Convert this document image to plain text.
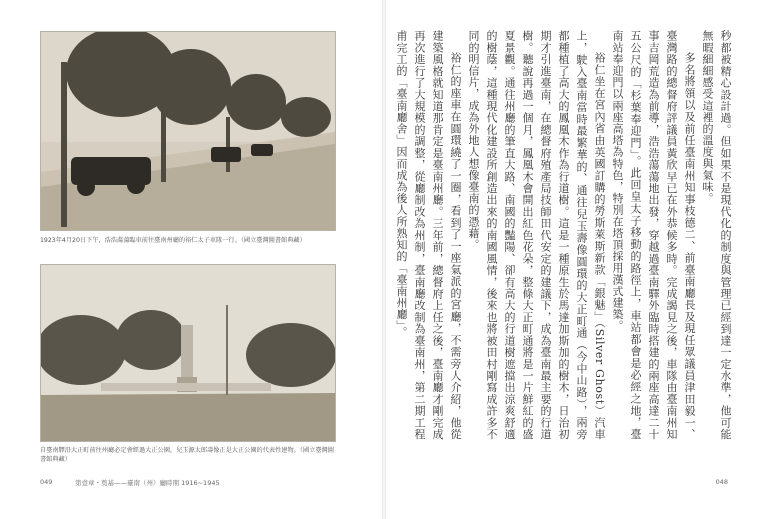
1923年4月20日下午，浩浩蕩蕩臨車前往臺南州廳的裕仁太子車隊一行。（國立臺灣圖書館典藏）
自臺南驛沿大正町前往州廳必定會經過大正公園，兒玉源太郎壽像正是大正公園的代表性建物。（國立臺灣圖書館典藏）
049	第壹章・奠基——臺南（州）廳時期 1916~1945

秒都被精心設計過。但如果不是現代化的制度與管理已經到達一定水準，他可能無暇細細感受這裡的溫度與氣味。

多名將領以及前任臺南州知事枝德二、前臺南廳長及現任眾議員津田毅一、臺灣路的總督府評議員黃欣早已在外恭候多時。完成謁見之後，車隊由臺南州知事吉岡荒造為前導，浩浩蕩蕩地出發，穿越過臺南驛外臨時搭建的兩座高達二十五公尺的「杉葉奉迎門」。此回皇太子移動的路徑上，車站都會是必經之地，臺南站奉迎門以兩座高塔為特色，特別在塔頂採用漢式建築。

裕仁坐在宮內省由英國訂購的勞斯萊斯新款「銀魅」（Silver Ghost）汽車上，駛入臺南當時最繁華的、通往兒玉壽像圓環的大正町通（今中山路），兩旁都種植了高大的鳳凰木作為行道樹。這是一種原生於馬達加斯加的樹木，日治初期才引進臺南，在總督府殖產局技師田代安定的建議下，成為臺南最主要的行道樹。聽說再過一個月，鳳凰木會開出紅色花朵，整條大正町通將是一片鮮紅的盛夏景觀。通往州廳的筆直大路、南國的豔陽、卻有高大的行道樹遮擋出涼爽舒適的樹蔭，這種現代化建設所創造出來的南國風情，後來也將被田村剛寫成許多不同的明信片，成為外地人想像臺南的憑藉。

裕仁的座車在圓環繞了一圈，看到了一座氣派的宮廳，不需旁人介紹，他從建築風格就知道那肯定是臺南州廳。三年前，總督府上任之後，臺南廳才剛完成再次進行了大規模的調整，從廳制改為州制，臺南廳改制為臺南州，第二期工程甫完工的「臺南廳舍」因而成為後人所熟知的「臺南州廳」。

048
